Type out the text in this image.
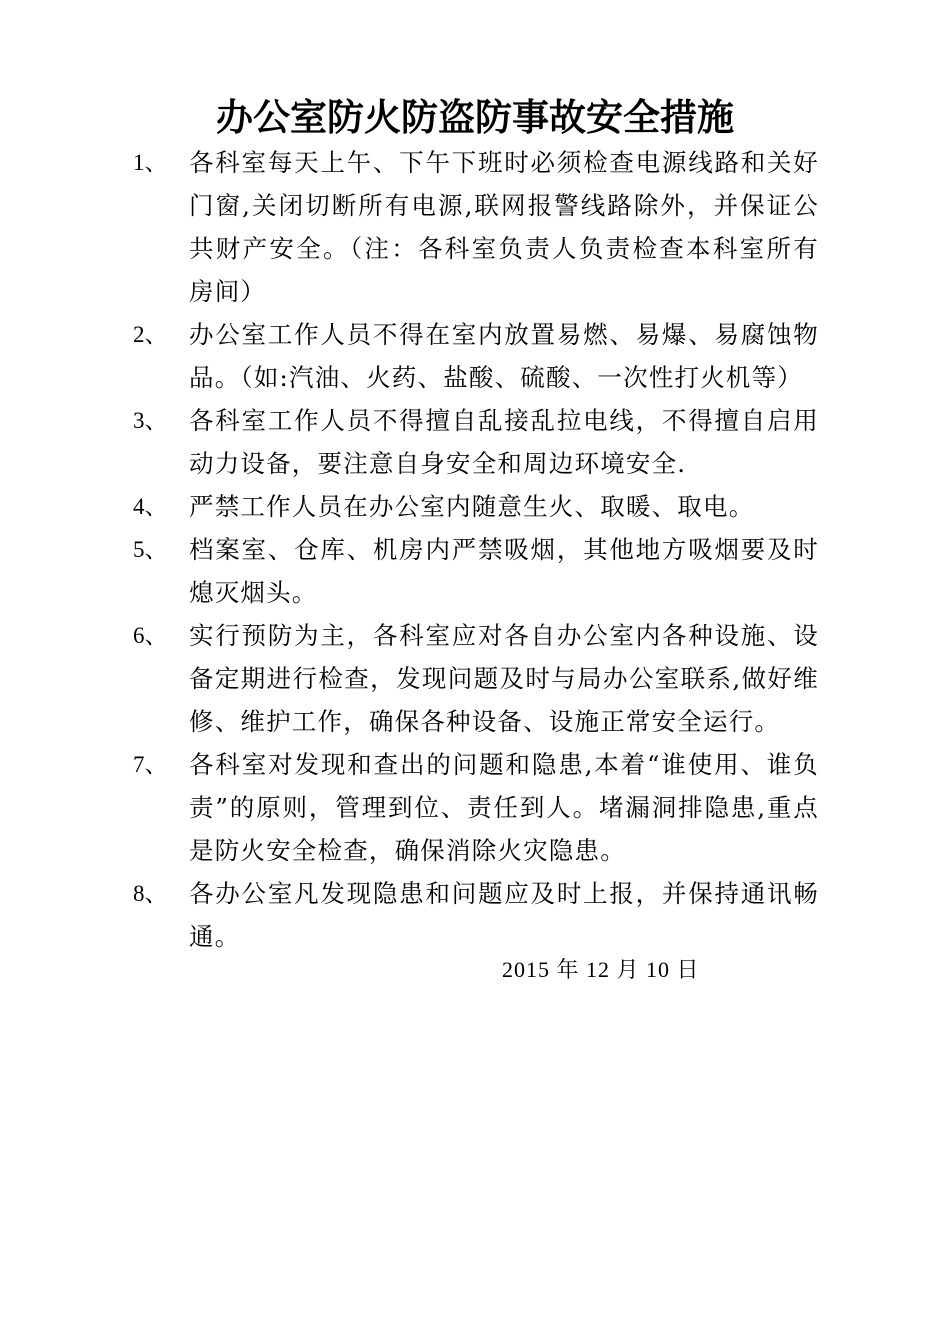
办公室防火防盗防事故安全措施
1、 各科室每天上午、下午下班时必须检查电源线路和关好门窗,关闭切断所有电源,联网报警线路除外，并保证公共财产安全。（注：各科室负责人负责检查本科室所有房间）
2、 办公室工作人员不得在室内放置易燃、易爆、易腐蚀物品。（如:汽油、火药、盐酸、硫酸、一次性打火机等）
3、 各科室工作人员不得擅自乱接乱拉电线，不得擅自启用动力设备，要注意自身安全和周边环境安全.
4、 严禁工作人员在办公室内随意生火、取暖、取电。
5、 档案室、仓库、机房内严禁吸烟，其他地方吸烟要及时熄灭烟头。
6、 实行预防为主，各科室应对各自办公室内各种设施、设备定期进行检查，发现问题及时与局办公室联系,做好维修、维护工作，确保各种设备、设施正常安全运行。
7、 各科室对发现和查出的问题和隐患,本着“谁使用、谁负责”的原则，管理到位、责任到人。堵漏洞排隐患,重点是防火安全检查，确保消除火灾隐患。
8、 各办公室凡发现隐患和问题应及时上报，并保持通讯畅通。
2015 年 12 月 10 日
